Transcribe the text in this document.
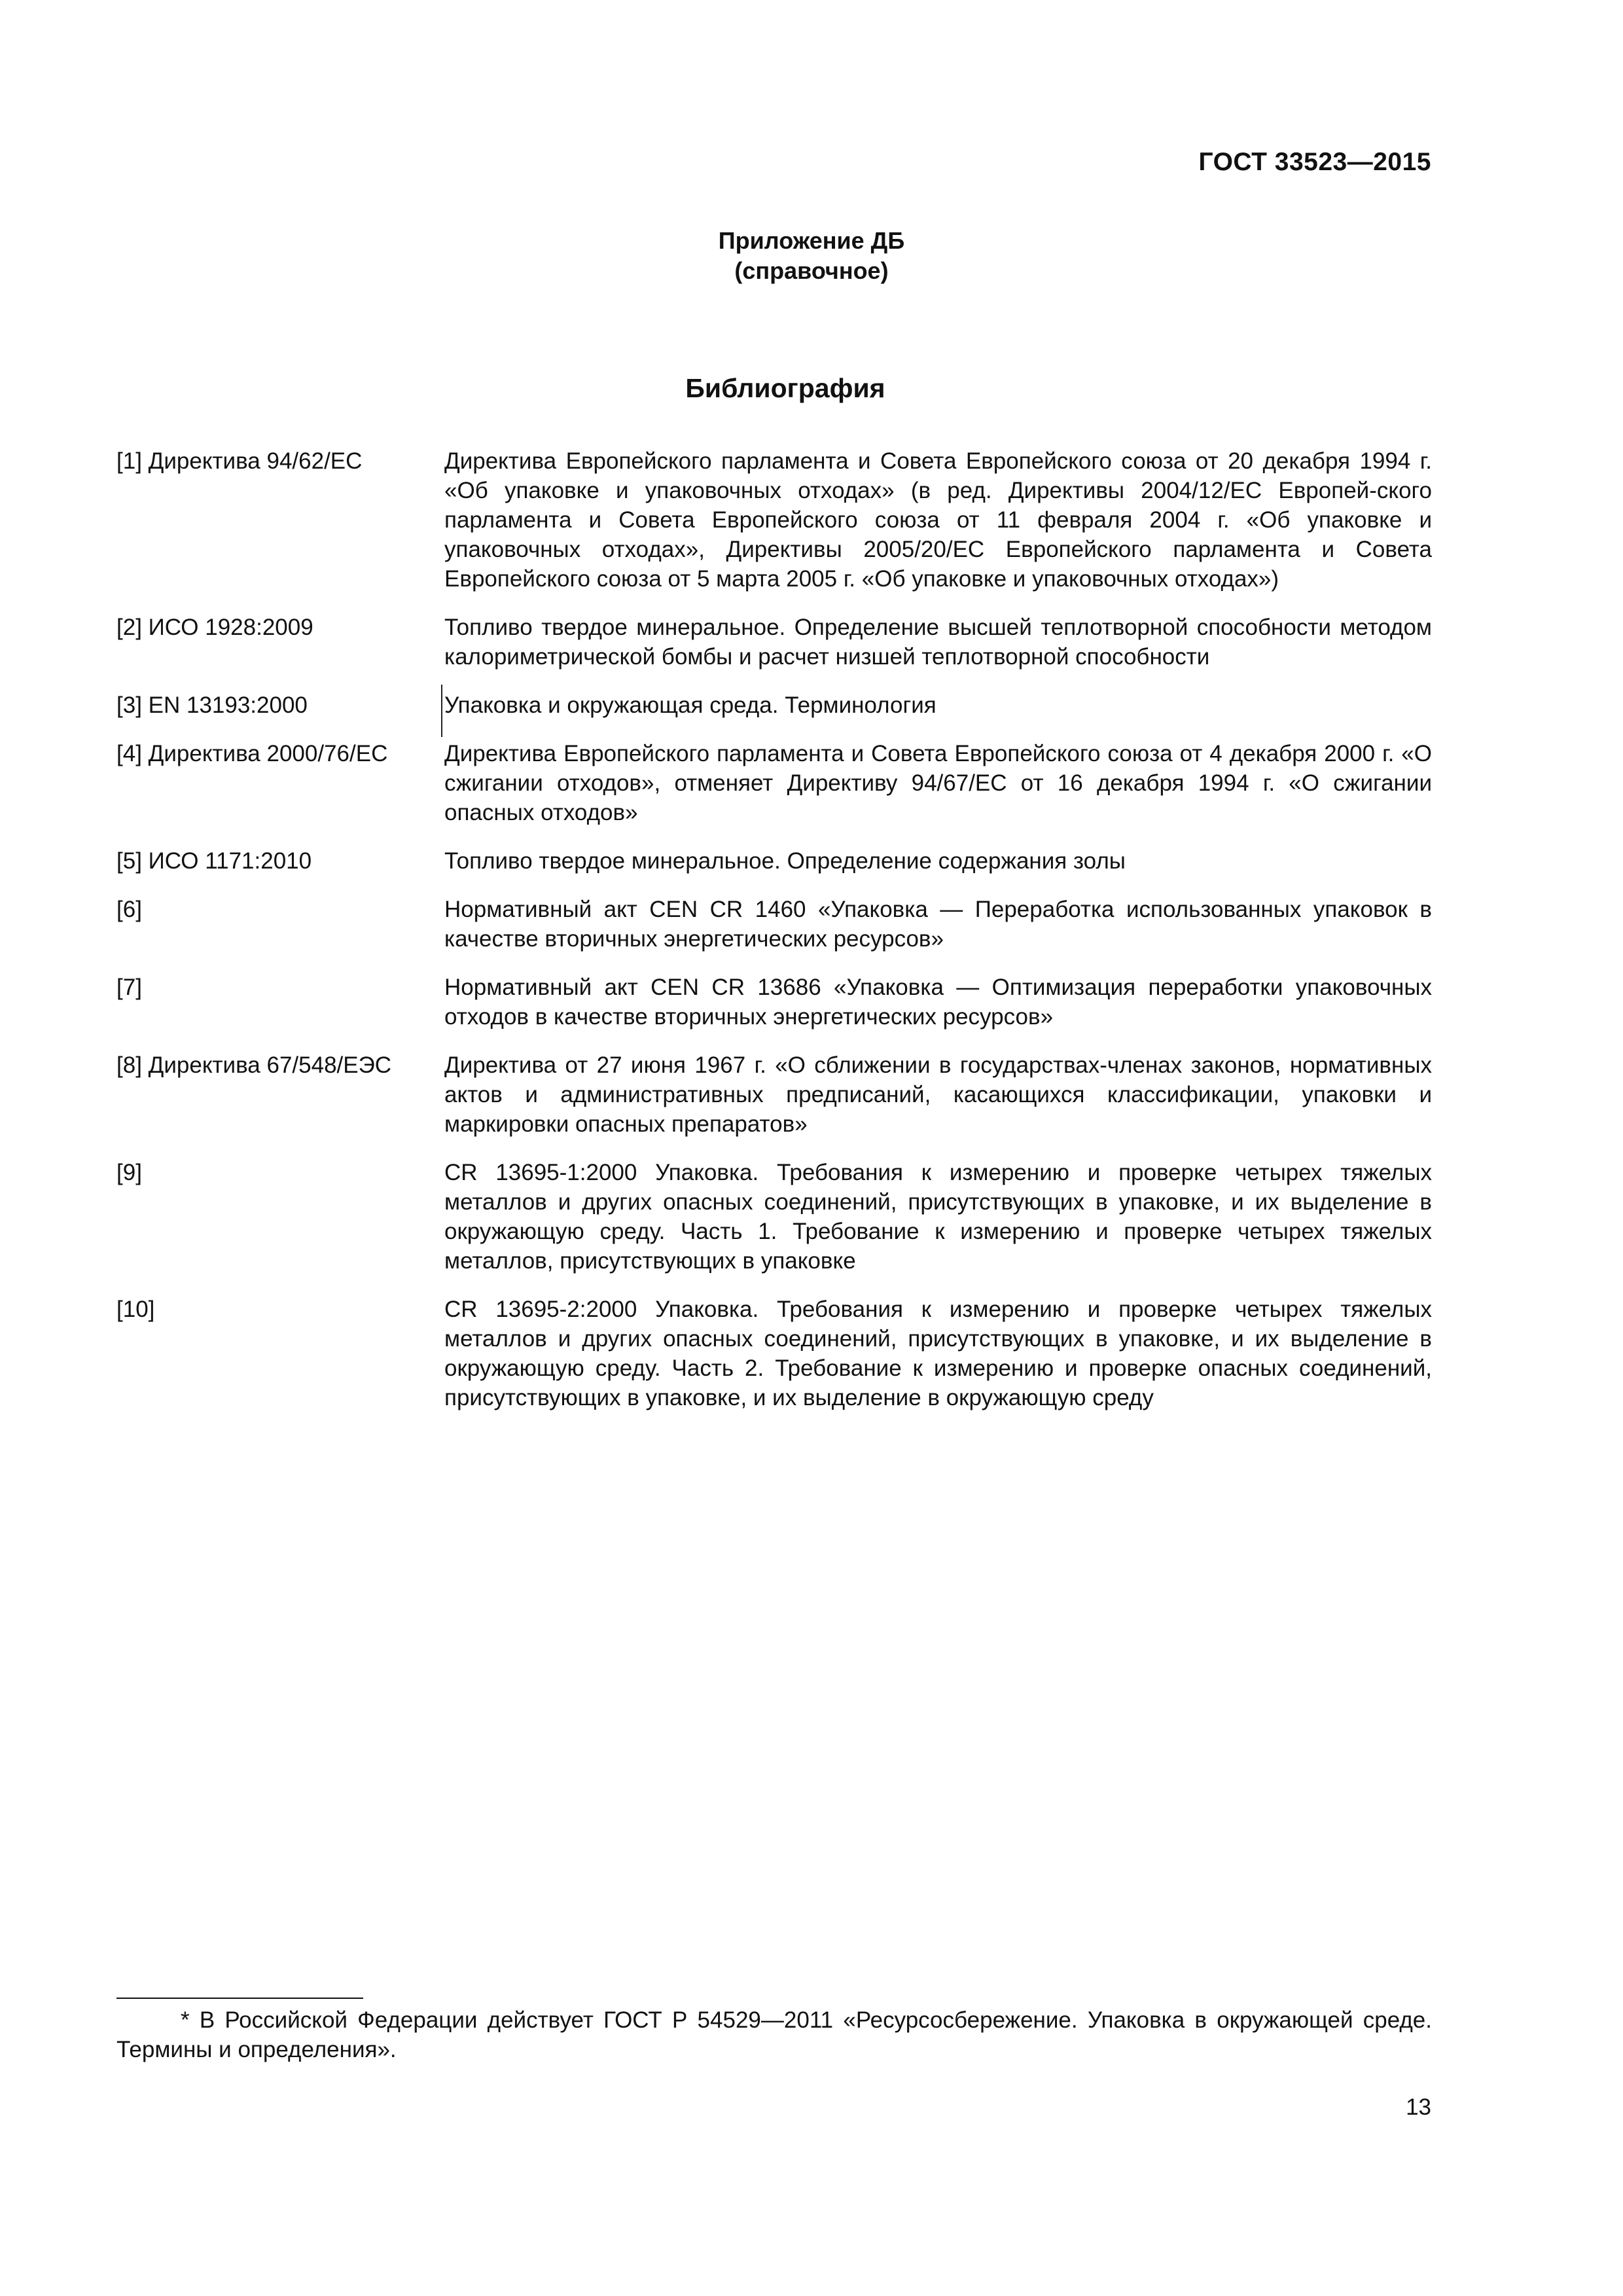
ГОСТ 33523—2015
Приложение ДБ
(справочное)
Библиография
[1] Директива 94/62/EC	Директива Европейского парламента и Совета Европейского союза от 20 декабря 1994 г. «Об упаковке и упаковочных отходах» (в ред. Директивы 2004/12/EC Европей-ского парламента и Совета Европейского союза от 11 февраля 2004 г. «Об упаковке и упаковочных отходах», Директивы 2005/20/EC Европейского парламента и Совета Европейского союза от 5 марта 2005 г. «Об упаковке и упаковочных отходах»)
[2] ИСО 1928:2009	Топливо твердое минеральное. Определение высшей теплотворной способности методом калориметрической бомбы и расчет низшей теплотворной способности
[3] EN 13193:2000	Упаковка и окружающая среда. Терминология
[4] Директива 2000/76/EC	Директива Европейского парламента и Совета Европейского союза от 4 декабря 2000 г. «О сжигании отходов», отменяет Директиву 94/67/EC от 16 декабря 1994 г. «О сжигании опасных отходов»
[5] ИСО 1171:2010	Топливо твердое минеральное. Определение содержания золы
[6]	Нормативный акт CEN CR 1460 «Упаковка — Переработка использованных упаковок в качестве вторичных энергетических ресурсов»
[7]	Нормативный акт CEN CR 13686 «Упаковка — Оптимизация переработки упаковочных отходов в качестве вторичных энергетических ресурсов»
[8] Директива 67/548/ЕЭС	Директива от 27 июня 1967 г. «О сближении в государствах-членах законов, нормативных актов и административных предписаний, касающихся классификации, упаковки и маркировки опасных препаратов»
[9]	CR 13695-1:2000 Упаковка. Требования к измерению и проверке четырех тяжелых металлов и других опасных соединений, присутствующих в упаковке, и их выделение в окружающую среду. Часть 1. Требование к измерению и проверке четырех тяжелых металлов, присутствующих в упаковке
[10]	CR 13695-2:2000 Упаковка. Требования к измерению и проверке четырех тяжелых металлов и других опасных соединений, присутствующих в упаковке, и их выделение в окружающую среду. Часть 2. Требование к измерению и проверке опасных соединений, присутствующих в упаковке, и их выделение в окружающую среду
* В Российской Федерации действует ГОСТ Р 54529—2011 «Ресурсосбережение. Упаковка в окружающей среде. Термины и определения».
13
